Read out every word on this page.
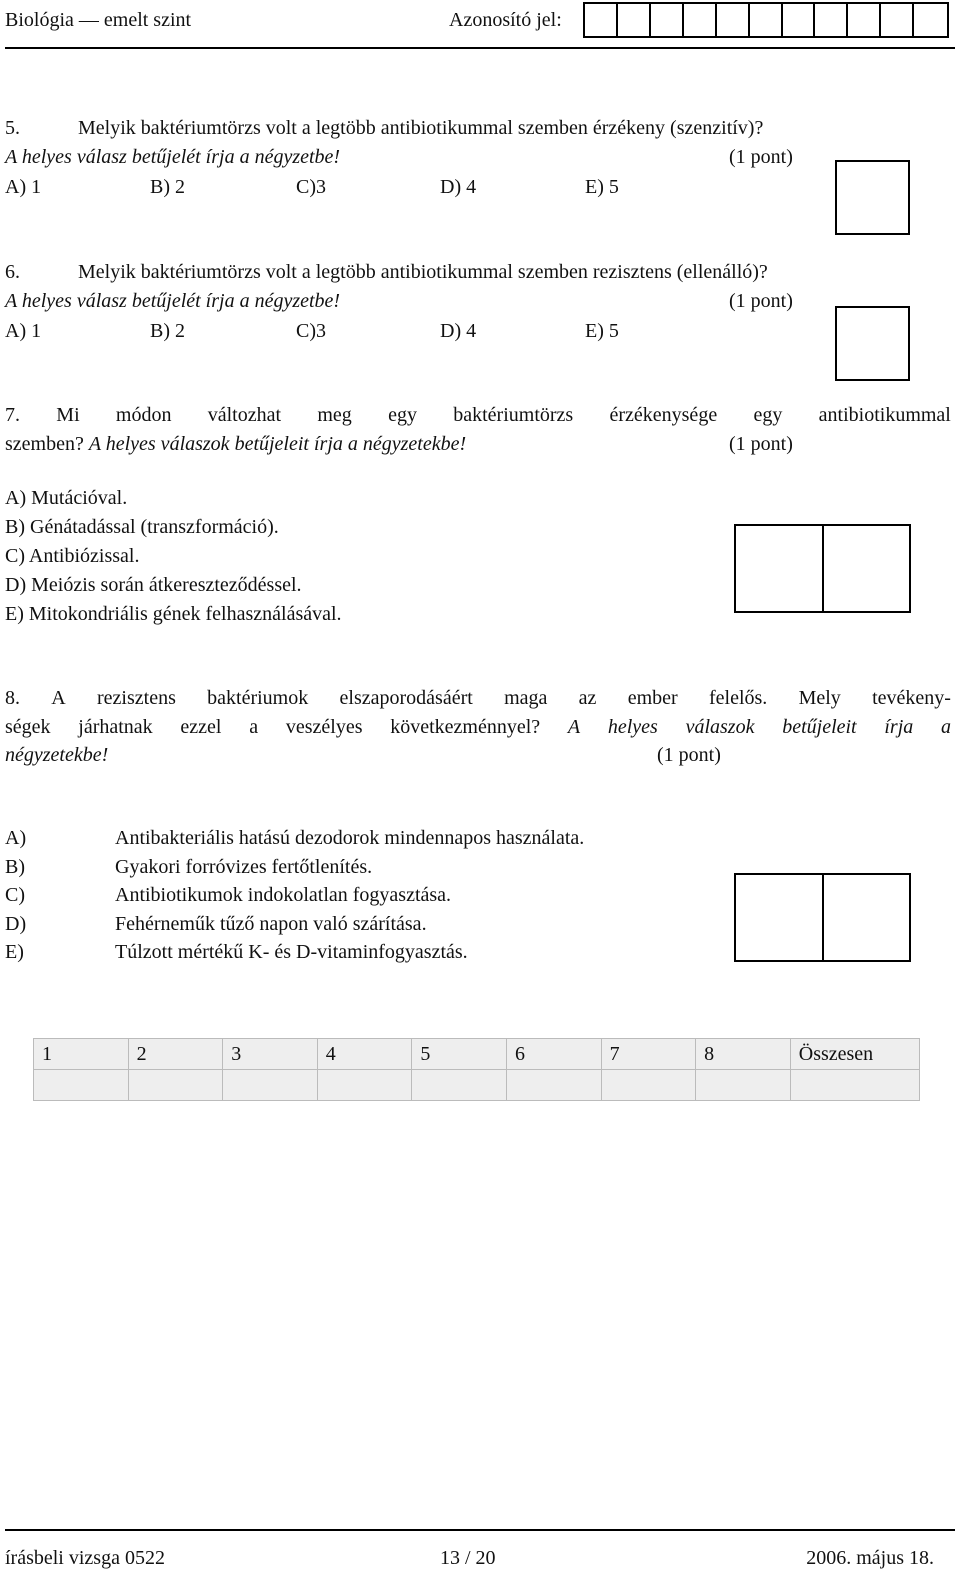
Biológia — emelt szint	Azonosító jel:
5.	Melyik baktériumtörzs volt a legtöbb antibiotikummal szemben érzékeny (szenzitív)?
A helyes válasz betűjelét írja a négyzetbe!	(1 pont)
A) 1	B) 2	C)3	D) 4	E) 5
6.	Melyik baktériumtörzs volt a legtöbb antibiotikummal szemben rezisztens (ellenálló)?
A helyes válasz betűjelét írja a négyzetbe!	(1 pont)
A) 1	B) 2	C)3	D) 4	E) 5
7. Mi módon változhat meg egy baktériumtörzs érzékenysége egy antibiotikummal
szemben? A helyes válaszok betűjeleit írja a négyzetekbe!	(1 pont)
A) Mutációval.
B) Génátadással (transzformáció).
C) Antibiózissal.
D) Meiózis során átkereszteződéssel.
E) Mitokondriális gének felhasználásával.
8. A rezisztens baktériumok elszaporodásáért maga az ember felelős. Mely tevékeny-
ségek járhatnak ezzel a veszélyes következménnyel? A helyes válaszok betűjeleit írja a
négyzetekbe!	(1 pont)
A)	Antibakteriális hatású dezodorok mindennapos használata.
B)	Gyakori forróvizes fertőtlenítés.
C)	Antibiotikumok indokolatlan fogyasztása.
D)	Fehérneműk tűző napon való szárítása.
E)	Túlzott mértékű K- és D-vitaminfogyasztás.
1	2	3	4	5	6	7	8	Összesen

írásbeli vizsga 0522	13 / 20	2006. május 18.
